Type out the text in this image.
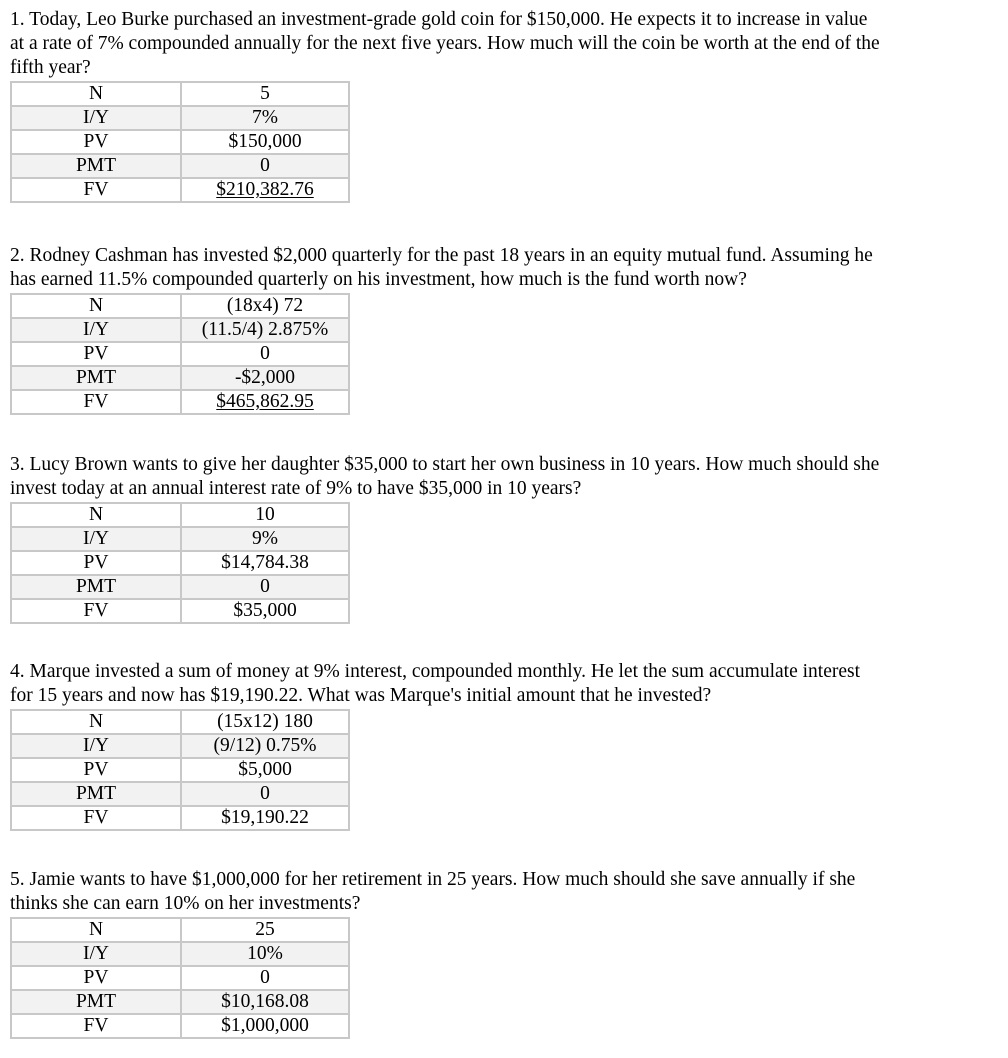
1. Today, Leo Burke purchased an investment-grade gold coin for $150,000. He expects it to increase in value
at a rate of 7% compounded annually for the next five years. How much will the coin be worth at the end of the
fifth year?

N	5
I/Y	7%
PV	$150,000
PMT	0
FV	$210,382.76

2. Rodney Cashman has invested $2,000 quarterly for the past 18 years in an equity mutual fund. Assuming he
has earned 11.5% compounded quarterly on his investment, how much is the fund worth now?

N	(18x4) 72
I/Y	(11.5/4) 2.875%
PV	0
PMT	-$2,000
FV	$465,862.95

3. Lucy Brown wants to give her daughter $35,000 to start her own business in 10 years. How much should she
invest today at an annual interest rate of 9% to have $35,000 in 10 years?

N	10
I/Y	9%
PV	$14,784.38
PMT	0
FV	$35,000

4. Marque invested a sum of money at 9% interest, compounded monthly. He let the sum accumulate interest
for 15 years and now has $19,190.22. What was Marque's initial amount that he invested?

N	(15x12) 180
I/Y	(9/12) 0.75%
PV	$5,000
PMT	0
FV	$19,190.22

5. Jamie wants to have $1,000,000 for her retirement in 25 years. How much should she save annually if she
thinks she can earn 10% on her investments?

N	25
I/Y	10%
PV	0
PMT	$10,168.08
FV	$1,000,000
